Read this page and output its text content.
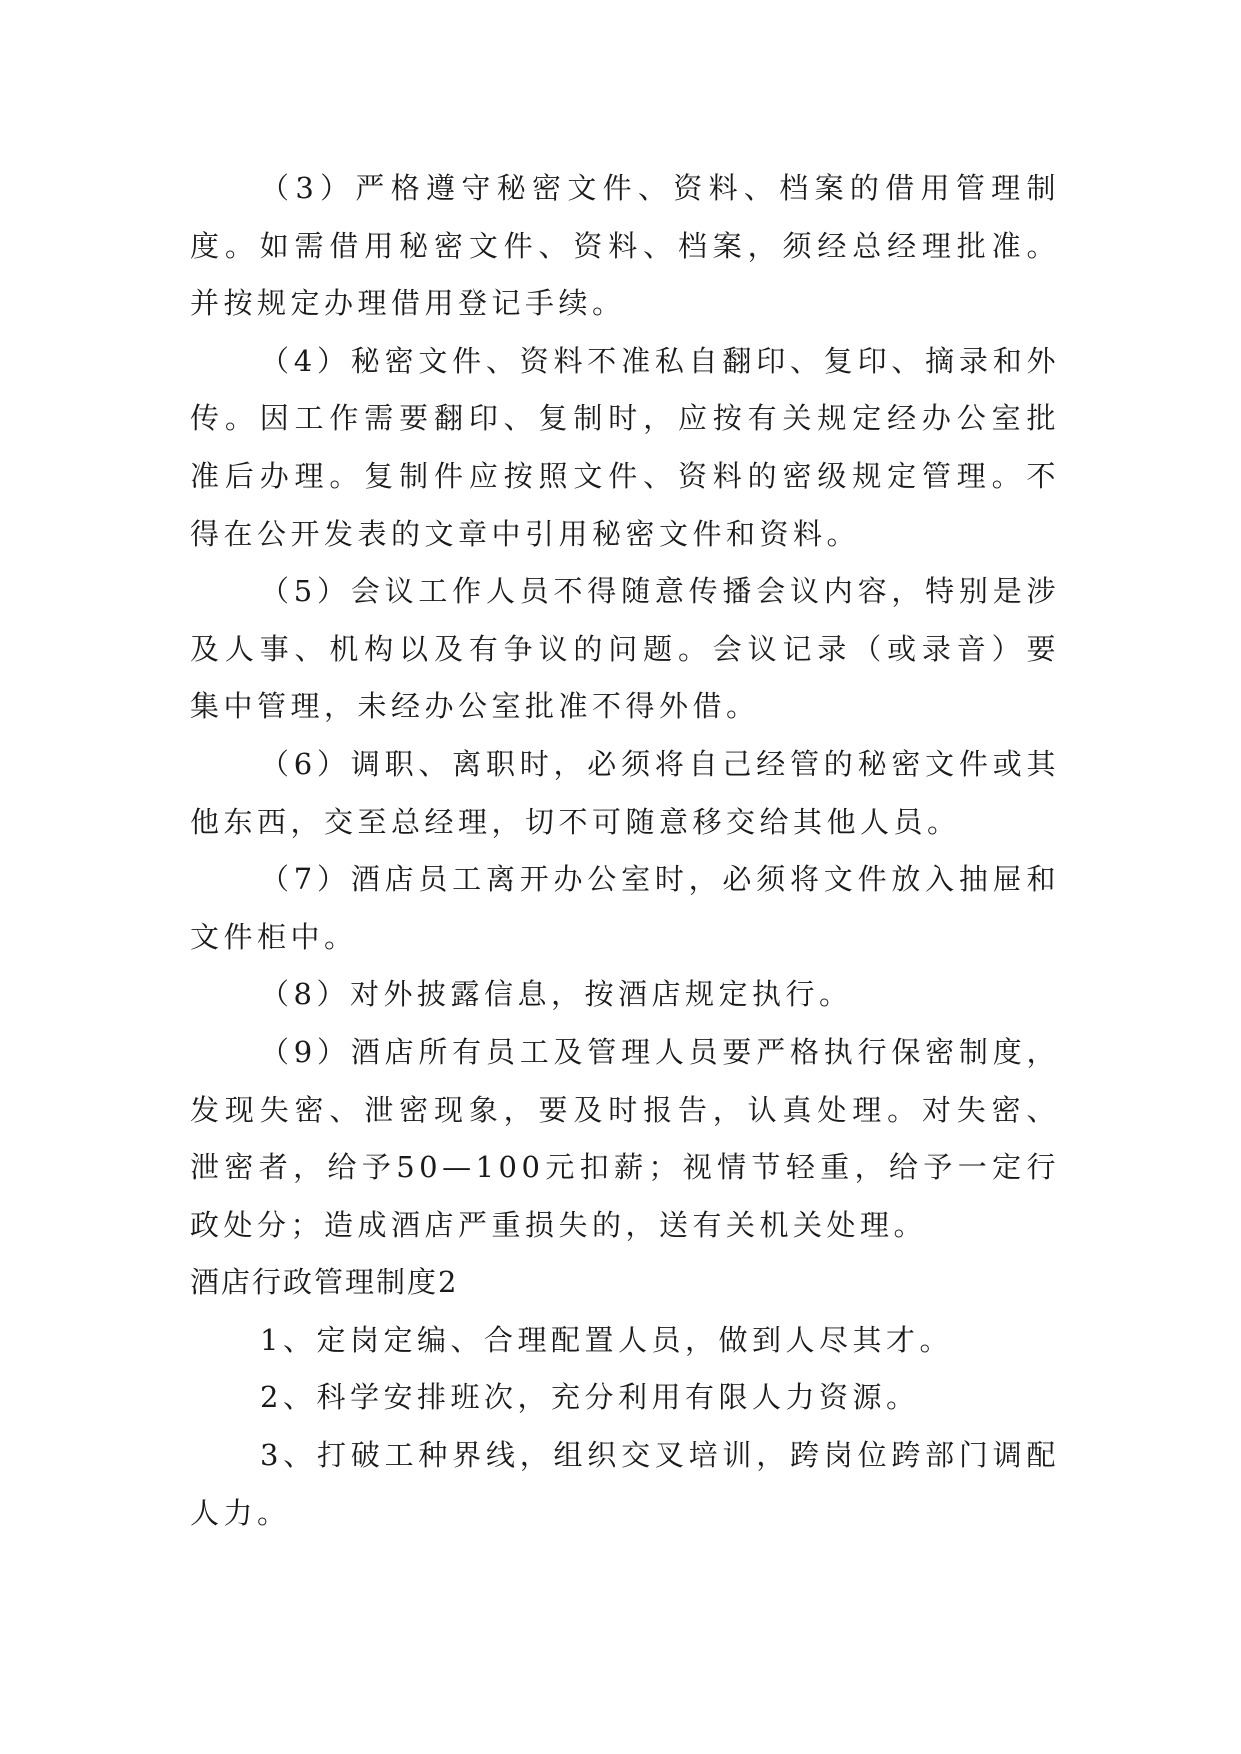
（3）严格遵守秘密文件、资料、档案的借用管理制度。如需借用秘密文件、资料、档案，须经总经理批准。并按规定办理借用登记手续。

（4）秘密文件、资料不准私自翻印、复印、摘录和外传。因工作需要翻印、复制时，应按有关规定经办公室批准后办理。复制件应按照文件、资料的密级规定管理。不得在公开发表的文章中引用秘密文件和资料。

（5）会议工作人员不得随意传播会议内容，特别是涉及人事、机构以及有争议的问题。会议记录（或录音）要集中管理，未经办公室批准不得外借。

（6）调职、离职时，必须将自己经管的秘密文件或其他东西，交至总经理，切不可随意移交给其他人员。

（7）酒店员工离开办公室时，必须将文件放入抽屉和文件柜中。

（8）对外披露信息，按酒店规定执行。

（9）酒店所有员工及管理人员要严格执行保密制度，发现失密、泄密现象，要及时报告，认真处理。对失密、泄密者，给予50—100元扣薪；视情节轻重，给予一定行政处分；造成酒店严重损失的，送有关机关处理。

酒店行政管理制度2

1、定岗定编、合理配置人员，做到人尽其才。

2、科学安排班次，充分利用有限人力资源。

3、打破工种界线，组织交叉培训，跨岗位跨部门调配人力。
